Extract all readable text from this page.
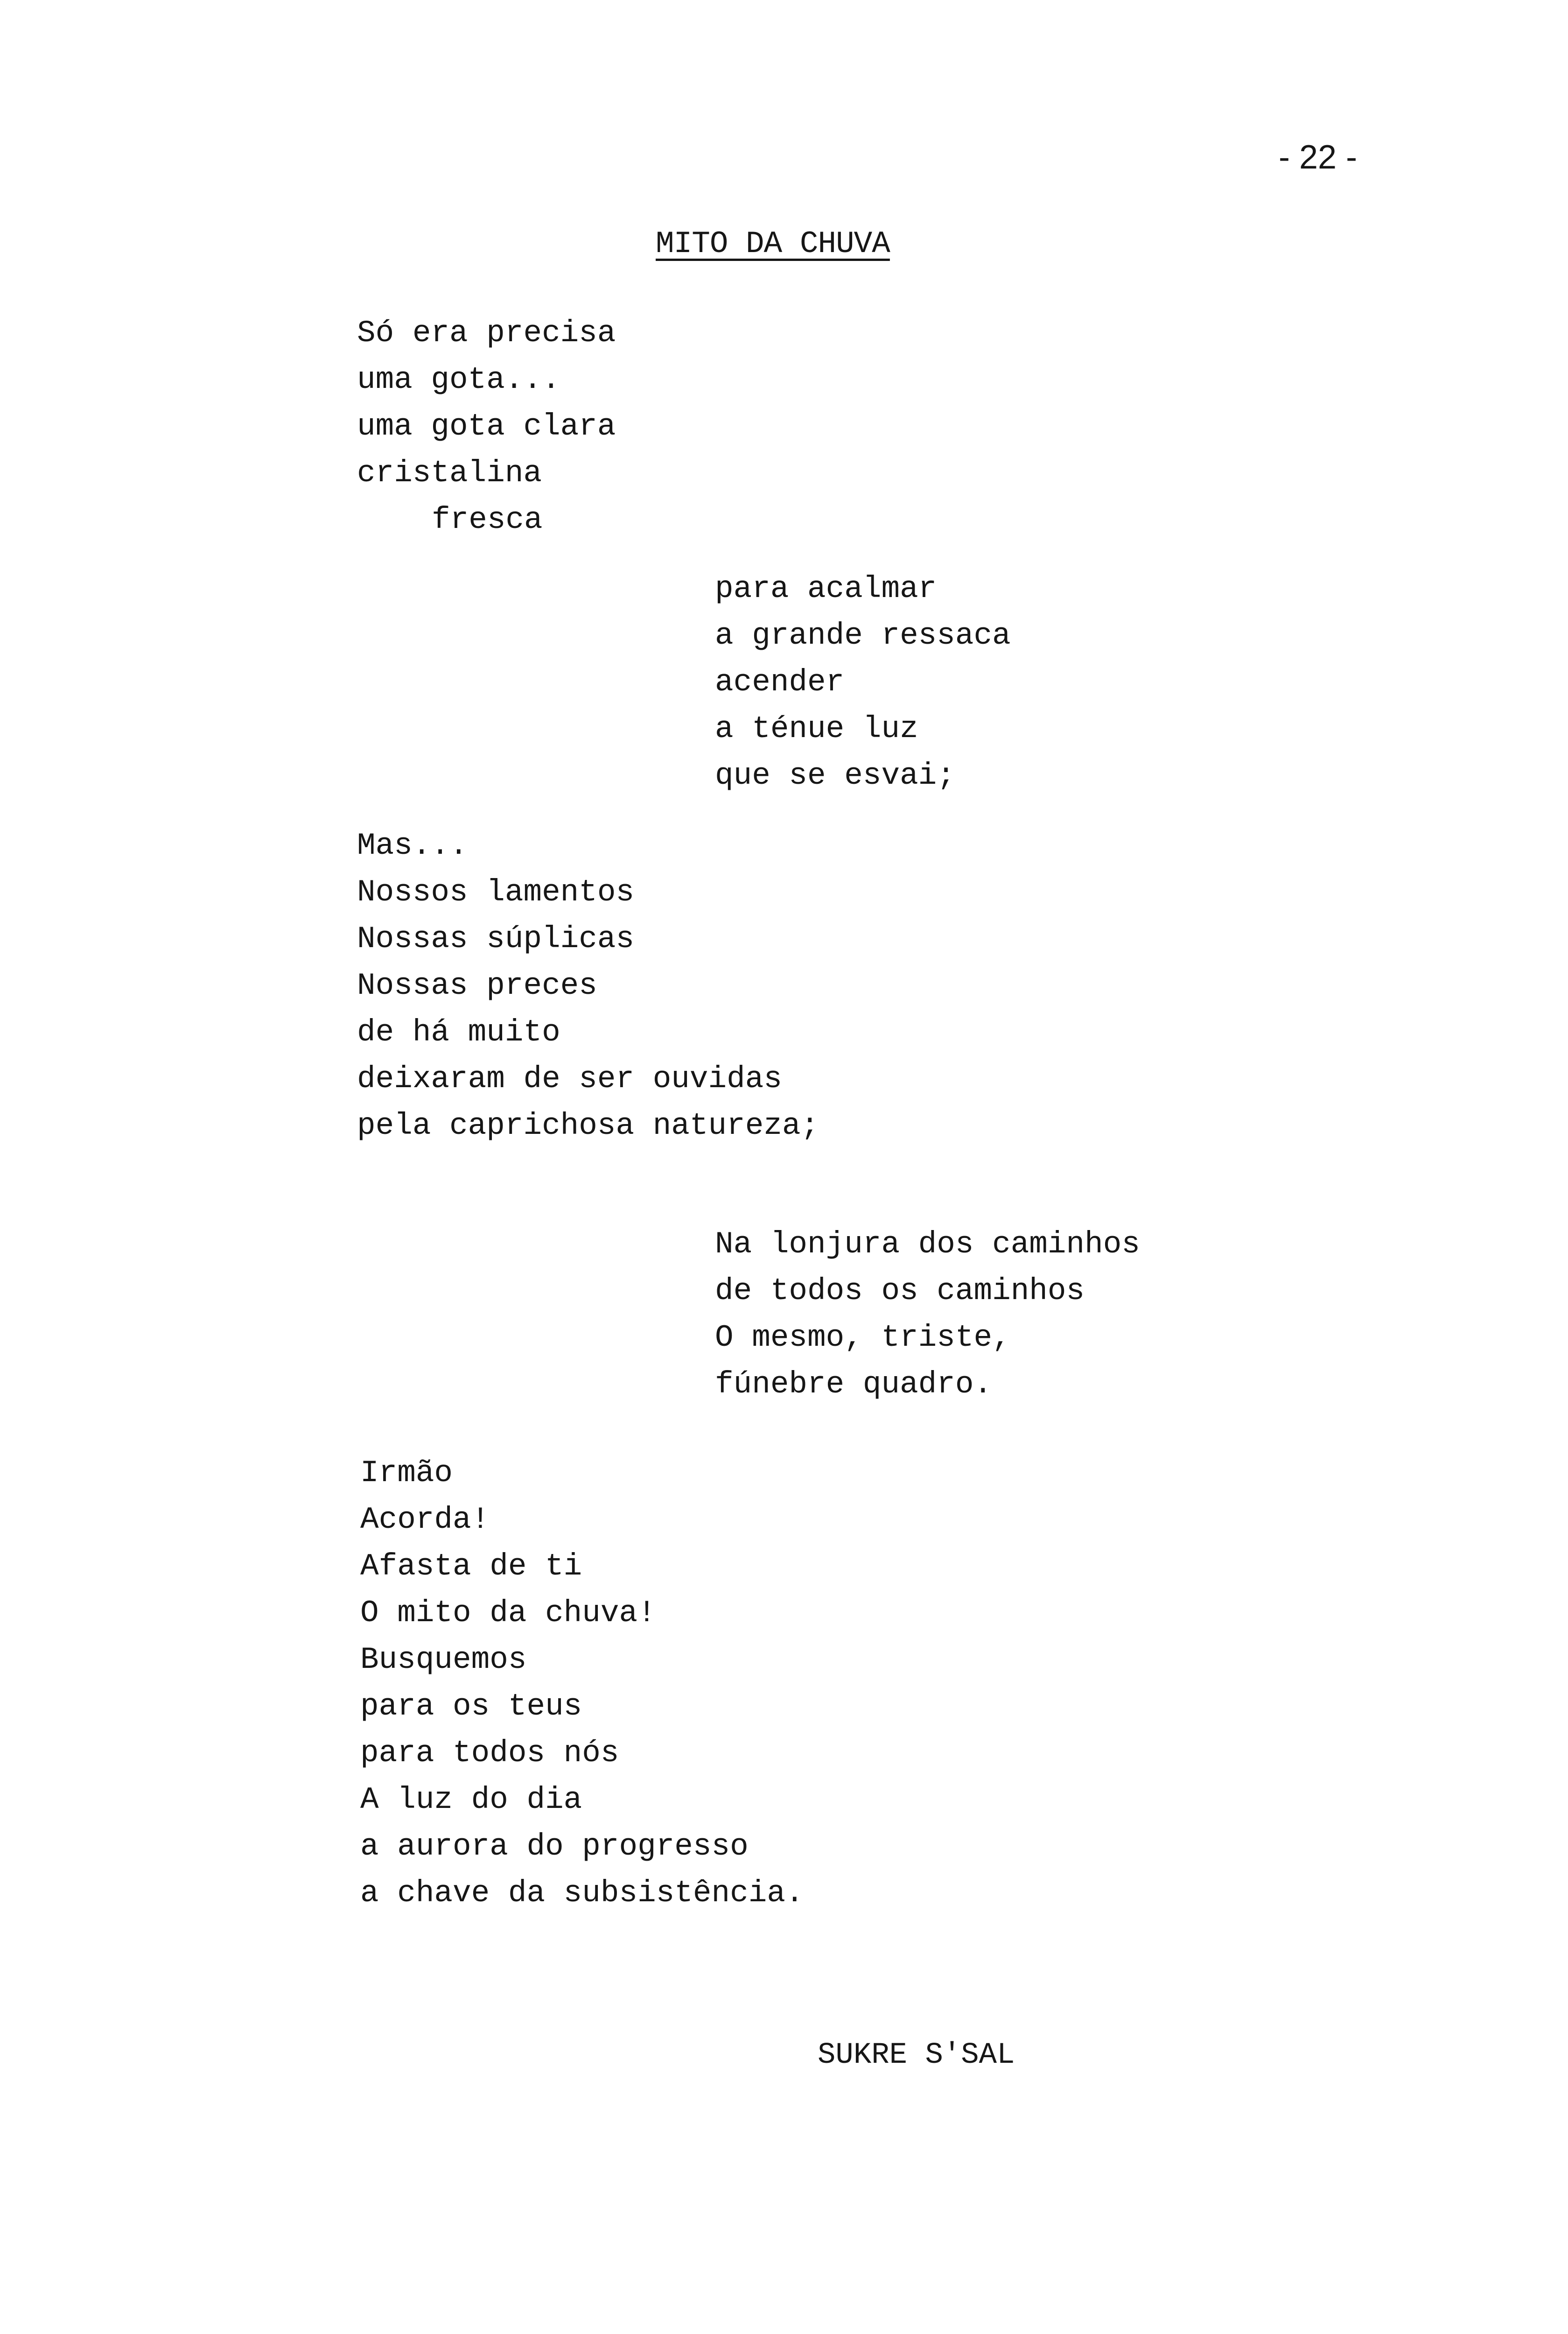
- 22 -
MITO DA CHUVA
Só era precisa
uma gota...
uma gota clara
cristalina
fresca
para acalmar
a grande ressaca
acender
a ténue luz
que se esvai;
Mas...
Nossos lamentos
Nossas súplicas
Nossas preces
de há muito
deixaram de ser ouvidas
pela caprichosa natureza;
Na lonjura dos caminhos
de todos os caminhos
O mesmo, triste,
fúnebre quadro.
Irmão
Acorda!
Afasta de ti
O mito da chuva!
Busquemos
para os teus
para todos nós
A luz do dia
a aurora do progresso
a chave da subsistência.
SUKRE S'SAL
